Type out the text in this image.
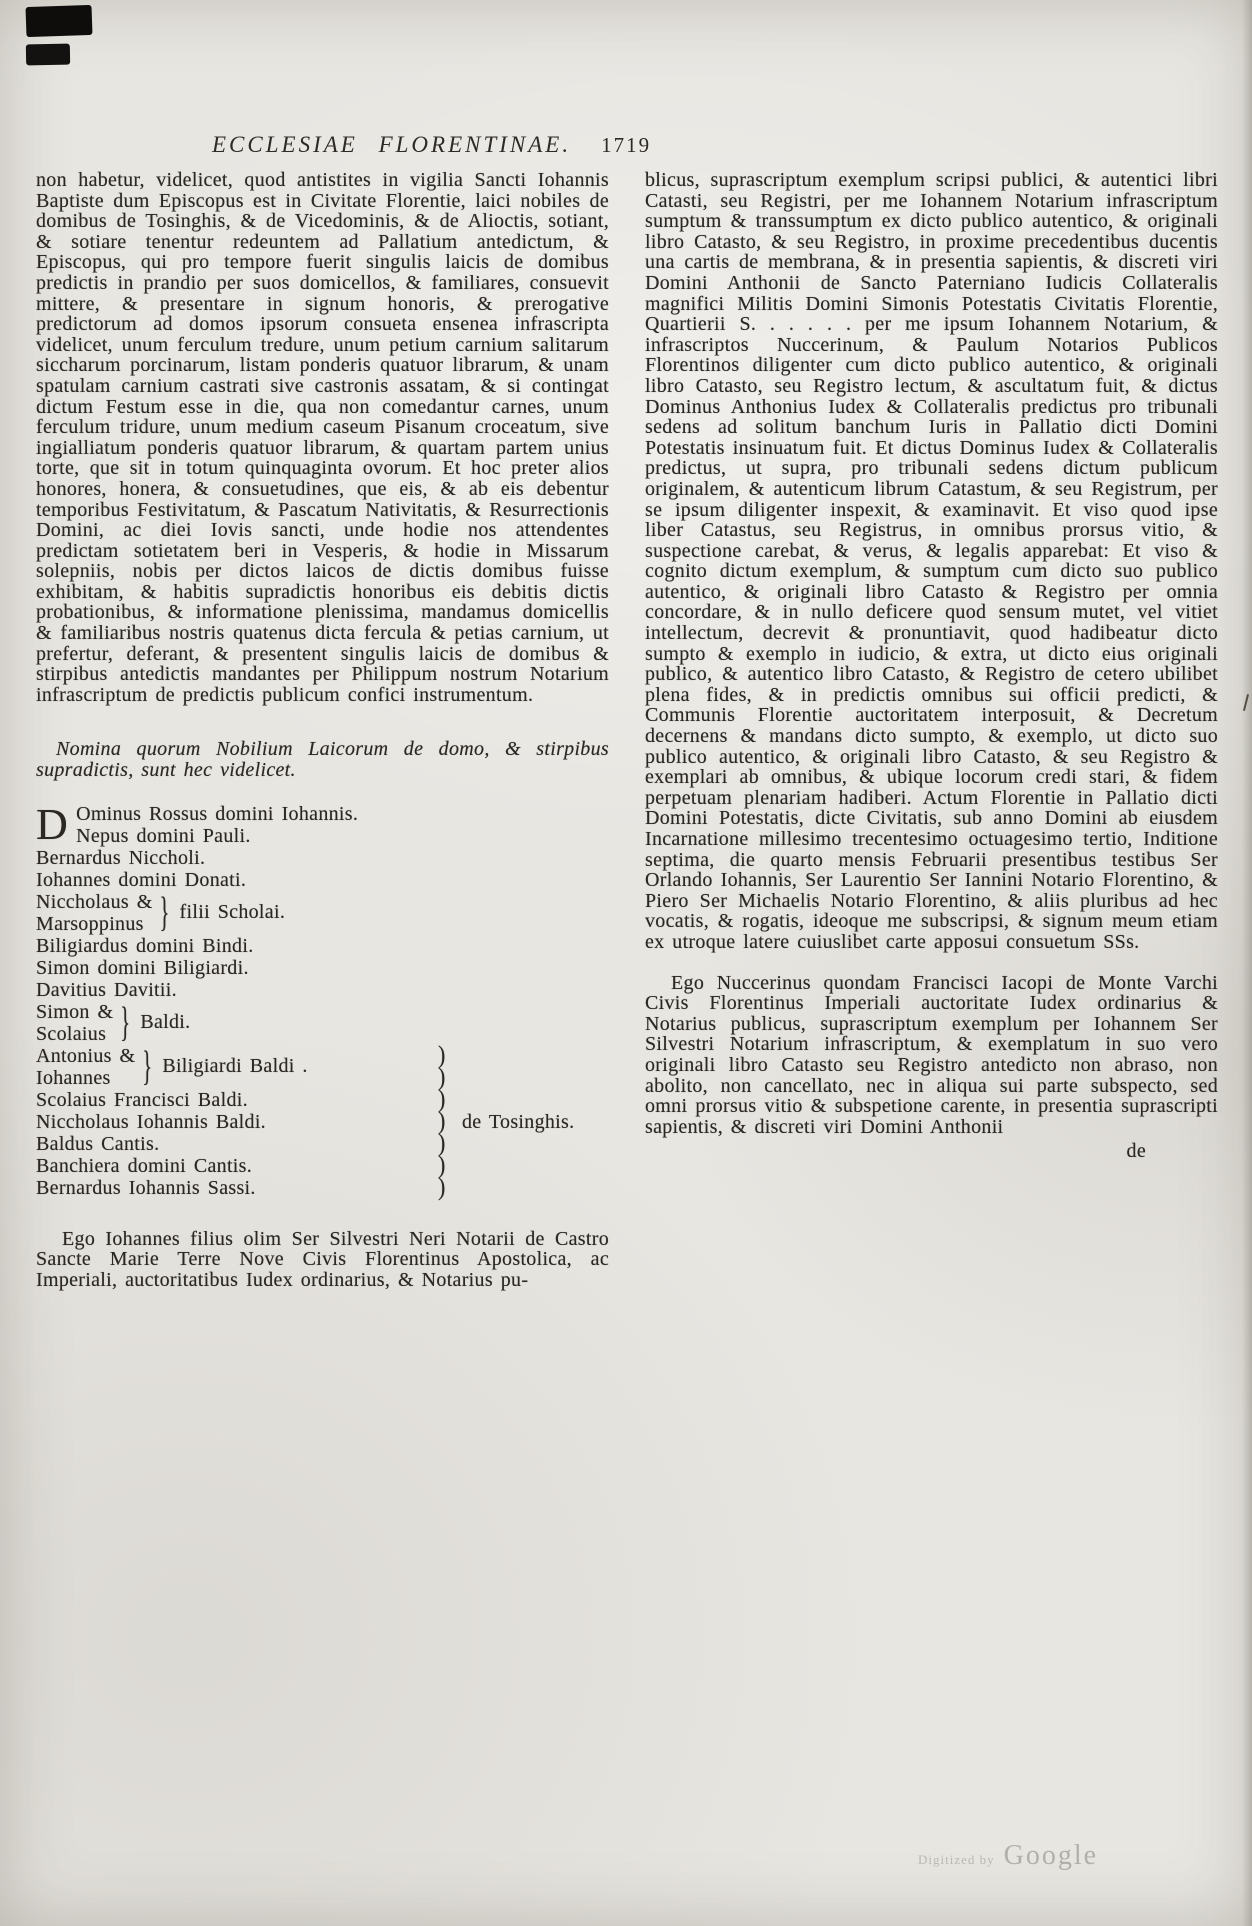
ECCLESIAE FLORENTINAE. 1719

non habetur, videlicet, quod antistites in vigilia Sancti Iohannis Baptiste dum Episcopus est in Civitate Florentie, laici nobiles de domibus de Tosinghis, & de Vicedominis, & de Alioctis, sotiant, & sotiare tenentur redeuntem ad Pallatium antedictum, & Episcopus, qui pro tempore fuerit singulis laicis de domibus predictis in prandio per suos domicellos, & familiares, consuevit mittere, & presentare in signum honoris, & prerogative predictorum ad domos ipsorum consueta ensenea infrascripta videlicet, unum ferculum tredure, unum petium carnium salitarum siccharum porcinarum, listam ponderis quatuor librarum, & unam spatulam carnium castrati sive castronis assatam, & si contingat dictum Festum esse in die, qua non comedantur carnes, unum ferculum tridure, unum medium caseum Pisanum croceatum, sive ingialliatum ponderis quatuor librarum, & quartam partem unius torte, que sit in totum quinquaginta ovorum. Et hoc preter alios honores, honera, & consuetudines, que eis, & ab eis debentur temporibus Festivitatum, & Pascatum Nativitatis, & Resurrectionis Domini, ac diei Iovis sancti, unde hodie nos attendentes predictam sotietatem beri in Vesperis, & hodie in Missarum solepniis, nobis per dictos laicos de dictis domibus fuisse exhibitam, & habitis supradictis honoribus eis debitis dictis probationibus, & informatione plenissima, mandamus domicellis & familiaribus nostris quatenus dicta fercula & petias carnium, ut prefertur, deferant, & presentent singulis laicis de domibus & stirpibus antedictis mandantes per Philippum nostrum Notarium infrascriptum de predictis publicum confici instrumentum.

Nomina quorum Nobilium Laicorum de domo, & stirpibus supradictis, sunt hec videlicet.

D Ominus Rossus domini Iohannis.
Nepus domini Pauli.
Bernardus Niccholi.
Iohannes domini Donati.
Niccholaus & } filii Scholai.
Marsoppinus
Biligiardus domini Bindi.
Simon domini Biligiardi.
Davitius Davitii.
Simon & } Baldi.
Scolaius
Antonius & } Biligiardi Baldi .	)
Iohannes	)
Scolaius Francisci Baldi.	)
Niccholaus Iohannis Baldi.	) de Tosinghis.
Baldus Cantis.	)
Banchiera domini Cantis.	)
Bernardus Iohannis Sassi.	)

Ego Iohannes filius olim Ser Silvestri Neri Notarii de Castro Sancte Marie Terre Nove Civis Florentinus Apostolica, ac Imperiali, auctoritatibus Iudex ordinarius, & Notarius pu-

blicus, suprascriptum exemplum scripsi publici, & autentici libri Catasti, seu Registri, per me Iohannem Notarium infrascriptum sumptum & transsumptum ex dicto publico autentico, & originali libro Catasto, & seu Registro, in proxime precedentibus ducentis una cartis de membrana, & in presentia sapientis, & discreti viri Domini Anthonii de Sancto Paterniano Iudicis Collateralis magnifici Militis Domini Simonis Potestatis Civitatis Florentie, Quartierii S. . . . . . per me ipsum Iohannem Notarium, & infrascriptos Nuccerinum, & Paulum Notarios Publicos Florentinos diligenter cum dicto publico autentico, & originali libro Catasto, seu Registro lectum, & ascultatum fuit, & dictus Dominus Anthonius Iudex & Collateralis predictus pro tribunali sedens ad solitum banchum Iuris in Pallatio dicti Domini Potestatis insinuatum fuit. Et dictus Dominus Iudex & Collateralis predictus, ut supra, pro tribunali sedens dictum publicum originalem, & autenticum librum Catastum, & seu Registrum, per se ipsum diligenter inspexit, & examinavit. Et viso quod ipse liber Catastus, seu Registrus, in omnibus prorsus vitio, & suspectione carebat, & verus, & legalis apparebat: Et viso & cognito dictum exemplum, & sumptum cum dicto suo publico autentico, & originali libro Catasto & Registro per omnia concordare, & in nullo deficere quod sensum mutet, vel vitiet intellectum, decrevit & pronuntiavit, quod hadibeatur dicto sumpto & exemplo in iudicio, & extra, ut dicto eius originali publico, & autentico libro Catasto, & Registro de cetero ubilibet plena fides, & in predictis omnibus sui officii predicti, & Communis Florentie auctoritatem interposuit, & Decretum decernens & mandans dicto sumpto, & exemplo, ut dicto suo publico autentico, & originali libro Catasto, & seu Registro & exemplari ab omnibus, & ubique locorum credi stari, & fidem perpetuam plenariam hadiberi. Actum Florentie in Pallatio dicti Domini Potestatis, dicte Civitatis, sub anno Domini ab eiusdem Incarnatione millesimo trecentesimo octuagesimo tertio, Inditione septima, die quarto mensis Februarii presentibus testibus Ser Orlando Iohannis, Ser Laurentio Ser Iannini Notario Florentino, & Piero Ser Michaelis Notario Florentino, & aliis pluribus ad hec vocatis, & rogatis, ideoque me subscripsi, & signum meum etiam ex utroque latere cuiuslibet carte apposui consuetum SSs.

Ego Nuccerinus quondam Francisci Iacopi de Monte Varchi Civis Florentinus Imperiali auctoritate Iudex ordinarius & Notarius publicus, suprascriptum exemplum per Iohannem Ser Silvestri Notarium infrascriptum, & exemplatum in suo vero originali libro Catasto seu Registro antedicto non abraso, non abolito, non cancellato, nec in aliqua sui parte subspecto, sed omni prorsus vitio & subspetione carente, in presentia suprascripti sapientis, & discreti viri Domini Anthonii

de

Digitized by Google
